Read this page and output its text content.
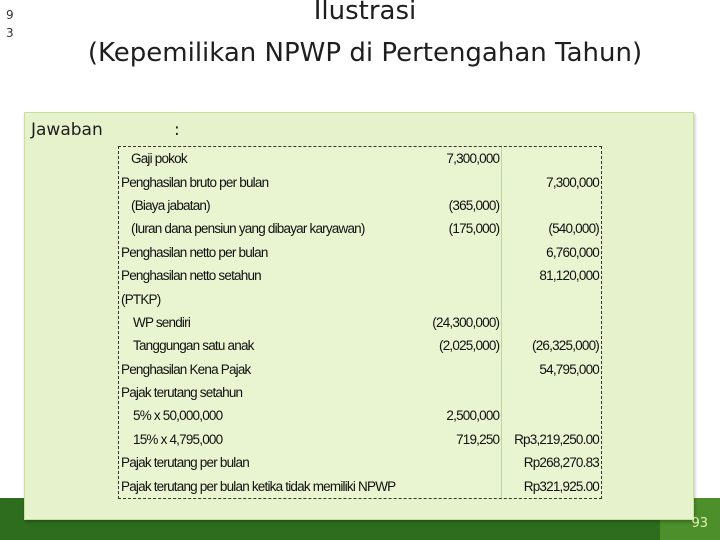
9
3
Ilustrasi
(Kepemilikan NPWP di Pertengahan Tahun)
Jawaban	:
Gaji pokok	7,300,000	
Penghasilan bruto per bulan		7,300,000
(Biaya jabatan)	(365,000)	
(Iuran dana pensiun yang dibayar karyawan)	(175,000)	(540,000)
Penghasilan netto per bulan		6,760,000
Penghasilan netto setahun		81,120,000
(PTKP)		
WP sendiri	(24,300,000)	
Tanggungan satu anak	(2,025,000)	(26,325,000)
Penghasilan Kena Pajak		54,795,000
Pajak terutang setahun		
5% x 50,000,000	2,500,000	
15% x 4,795,000	719,250	Rp3,219,250.00
Pajak terutang per bulan		Rp268,270.83
Pajak terutang per bulan ketika tidak memiliki NPWP		Rp321,925.00
93
